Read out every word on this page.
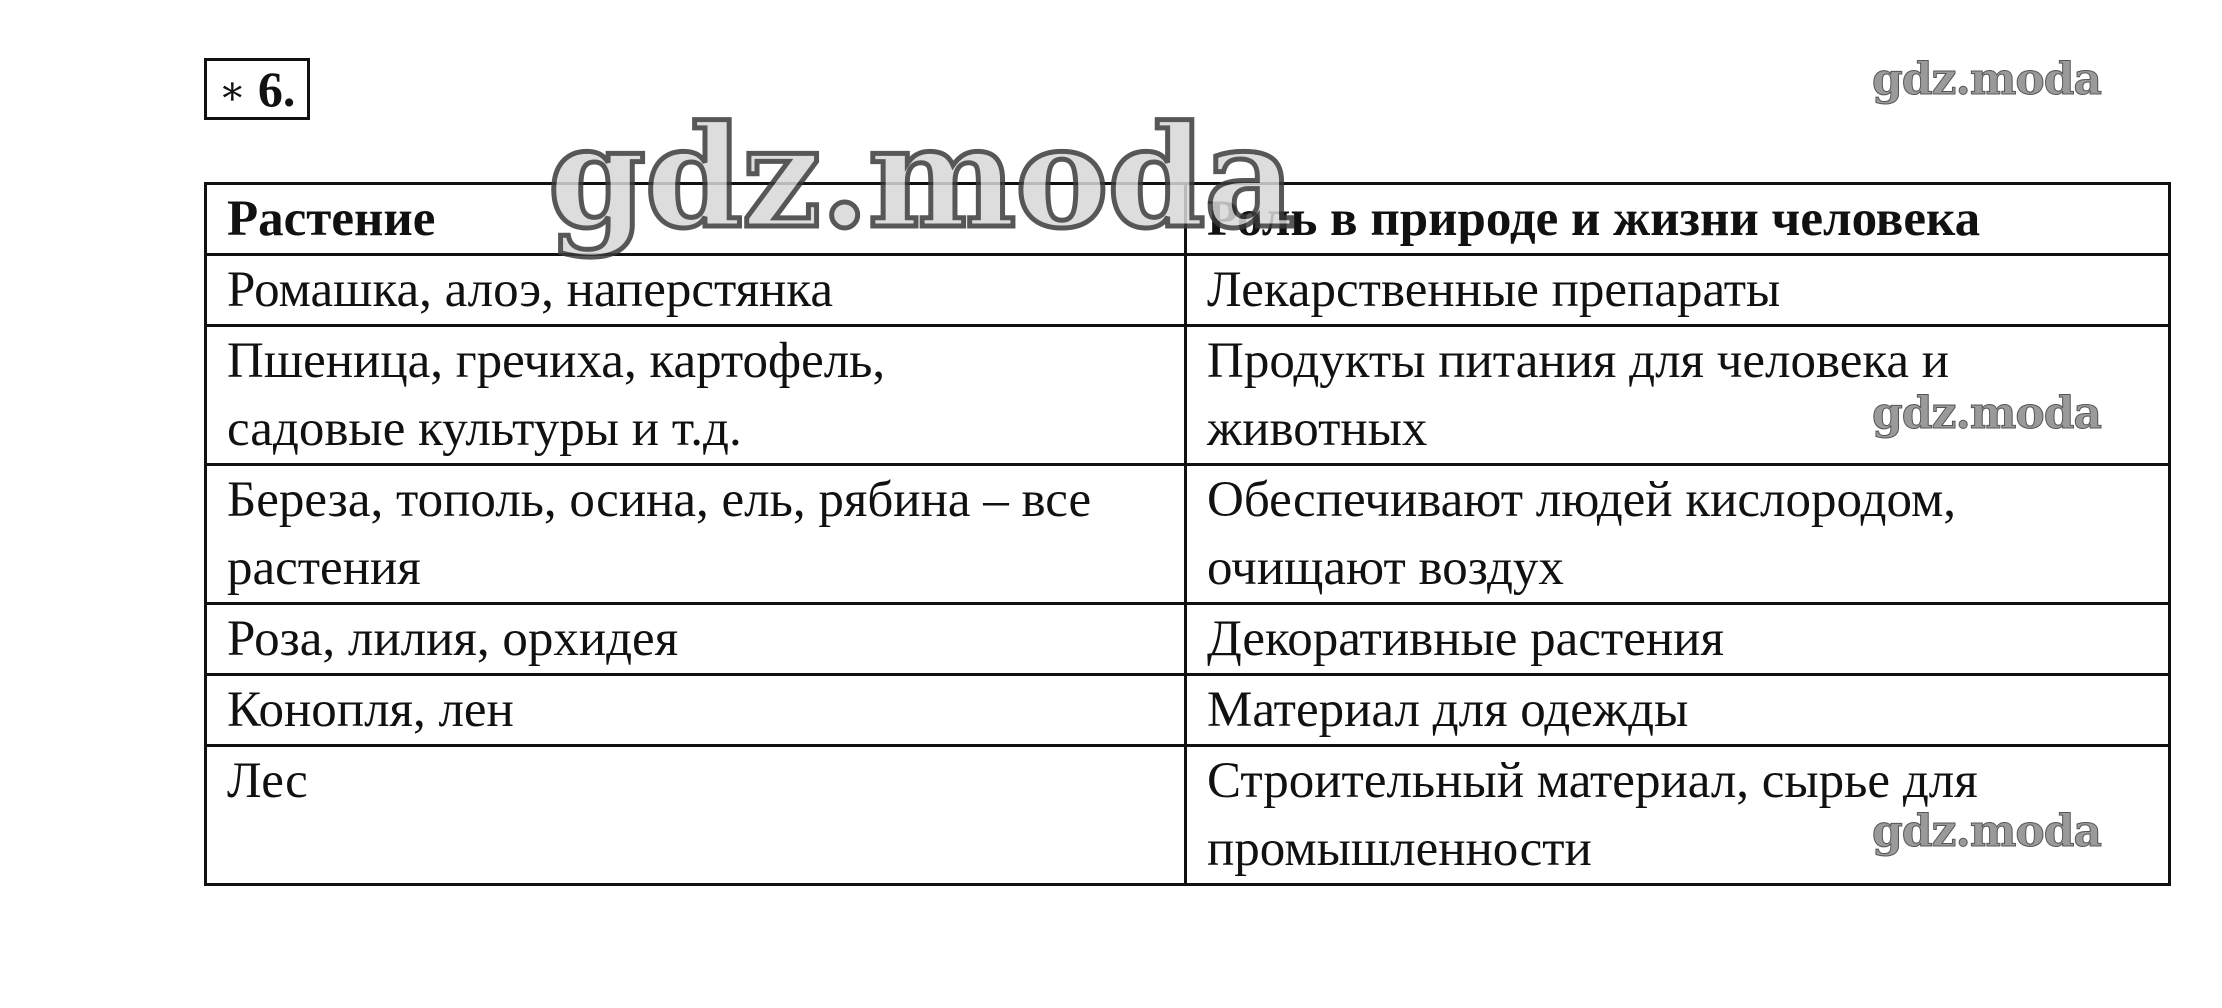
∗ 6.
Растение	Роль в природе и жизни человека
Ромашка, алоэ, наперстянка	Лекарственные препараты
Пшеница, гречиха, картофель, садовые культуры и т.д.	Продукты питания для человека и животных
Береза, тополь, осина, ель, рябина – все растения	Обеспечивают людей кислородом, очищают воздух
Роза, лилия, орхидея	Декоративные растения
Конопля, лен	Материал для одежды
Лес	Строительный материал, сырье для промышленности
gdz.moda
gdz.moda
gdz.moda
gdz.moda
